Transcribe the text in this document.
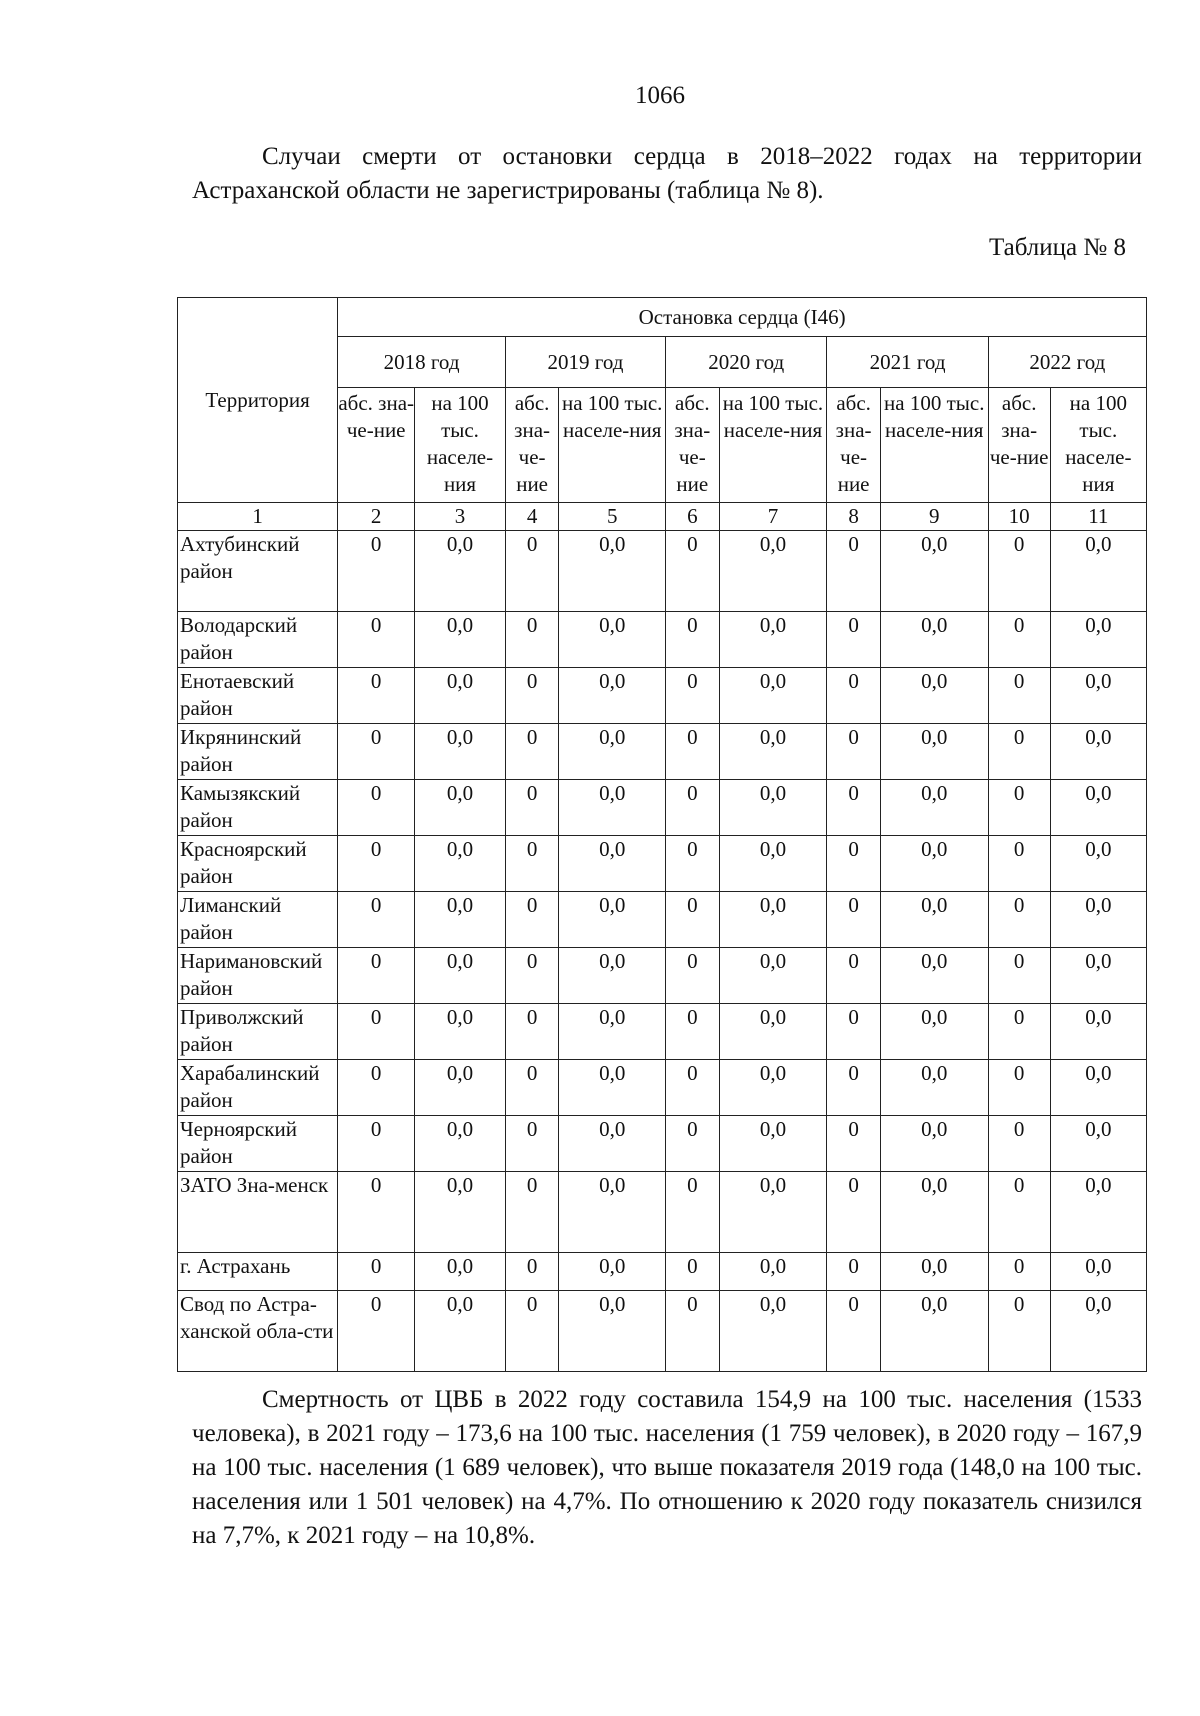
1066

Случаи смерти от остановки сердца в 2018–2022 годах на территории Астраханской области не зарегистрированы (таблица № 8).

Таблица № 8
Территория	Остановка сердца (I46)									
	2018 год		2019 год		2020 год		2021 год		2022 год	
	абс. зна-че-ние	на 100 тыс. населе-ния	абс. зна-че-ние	на 100 тыс. населе-ния	абс. зна-че-ние	на 100 тыс. населе-ния	абс. зна-че-ние	на 100 тыс. населе-ния	абс. зна-че-ние	на 100 тыс. населе-ния
1	2	3	4	5	6	7	8	9	10	11
Ахтубинский район	0	0,0	0	0,0	0	0,0	0	0,0	0	0,0
Володарский район	0	0,0	0	0,0	0	0,0	0	0,0	0	0,0
Енотаевский район	0	0,0	0	0,0	0	0,0	0	0,0	0	0,0
Икрянинский район	0	0,0	0	0,0	0	0,0	0	0,0	0	0,0
Камызякский район	0	0,0	0	0,0	0	0,0	0	0,0	0	0,0
Красноярский район	0	0,0	0	0,0	0	0,0	0	0,0	0	0,0
Лиманский район	0	0,0	0	0,0	0	0,0	0	0,0	0	0,0
Наримановский район	0	0,0	0	0,0	0	0,0	0	0,0	0	0,0
Приволжский район	0	0,0	0	0,0	0	0,0	0	0,0	0	0,0
Харабалинский район	0	0,0	0	0,0	0	0,0	0	0,0	0	0,0
Черноярский район	0	0,0	0	0,0	0	0,0	0	0,0	0	0,0
ЗАТО Зна-менск	0	0,0	0	0,0	0	0,0	0	0,0	0	0,0
г. Астрахань	0	0,0	0	0,0	0	0,0	0	0,0	0	0,0
Свод по Астра-ханской обла-сти	0	0,0	0	0,0	0	0,0	0	0,0	0	0,0

Смертность от ЦВБ в 2022 году составила 154,9 на 100 тыс. населения (1533 человека), в 2021 году – 173,6 на 100 тыс. населения (1 759 человек), в 2020 году – 167,9 на 100 тыс. населения (1 689 человек), что выше показателя 2019 года (148,0 на 100 тыс. населения или 1 501 человек) на 4,7%. По отношению к 2020 году показатель снизился на 7,7%, к 2021 году – на 10,8%.
